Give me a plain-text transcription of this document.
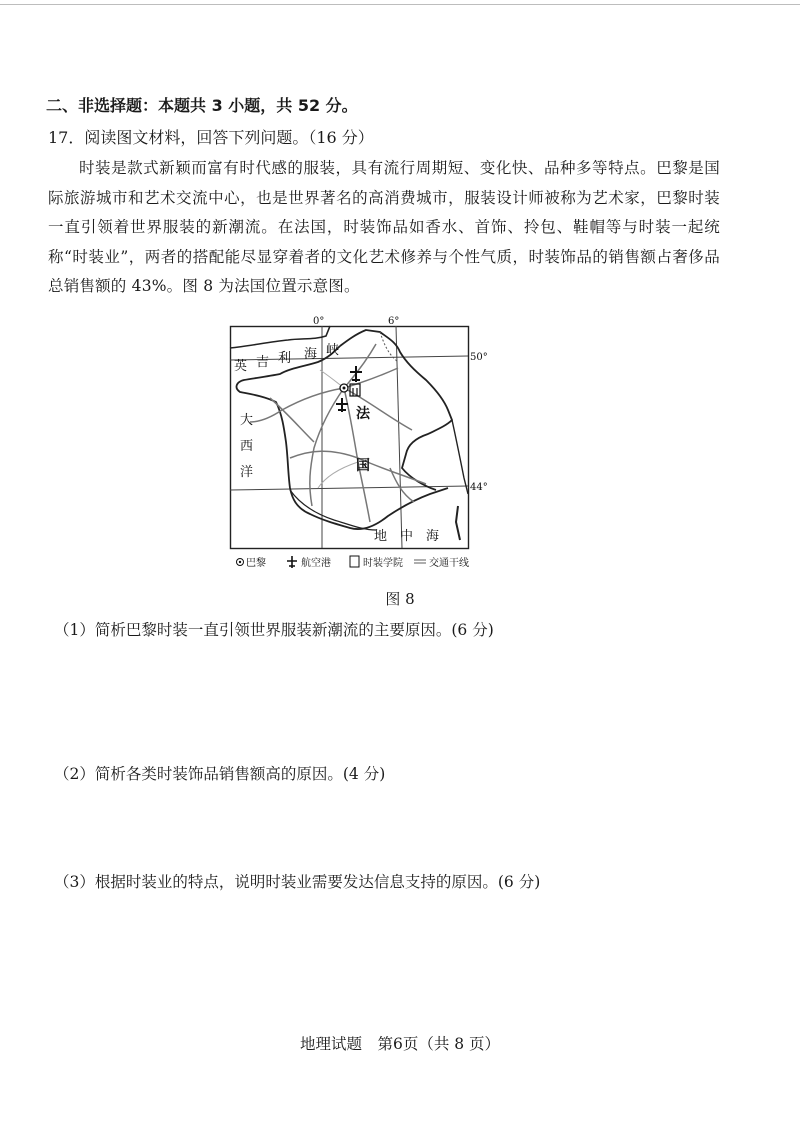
二、非选择题：本题共 3 小题，共 52 分。
17．阅读图文材料，回答下列问题。（16 分）
时装是款式新颖而富有时代感的服装，具有流行周期短、变化快、品种多等特点。巴黎是国际旅游城市和艺术交流中心，也是世界著名的高消费城市，服装设计师被称为艺术家，巴黎时装一直引领着世界服装的新潮流。在法国，时装饰品如香水、首饰、拎包、鞋帽等与时装一起统称“时装业”，两者的搭配能尽显穿着者的文化艺术修养与个性气质，时装饰品的销售额占奢侈品总销售额的 43%。图 8 为法国位置示意图。
0°	6°
50°
44°
英 吉 利 海 峡
大
西
洋
法
国
地 中 海
巴黎	航空港	时装学院	交通干线
图 8
（1）简析巴黎时装一直引领世界服装新潮流的主要原因。(6 分)
（2）简析各类时装饰品销售额高的原因。(4 分)
（3）根据时装业的特点，说明时装业需要发达信息支持的原因。(6 分)
地理试题　第6页（共 8 页）
